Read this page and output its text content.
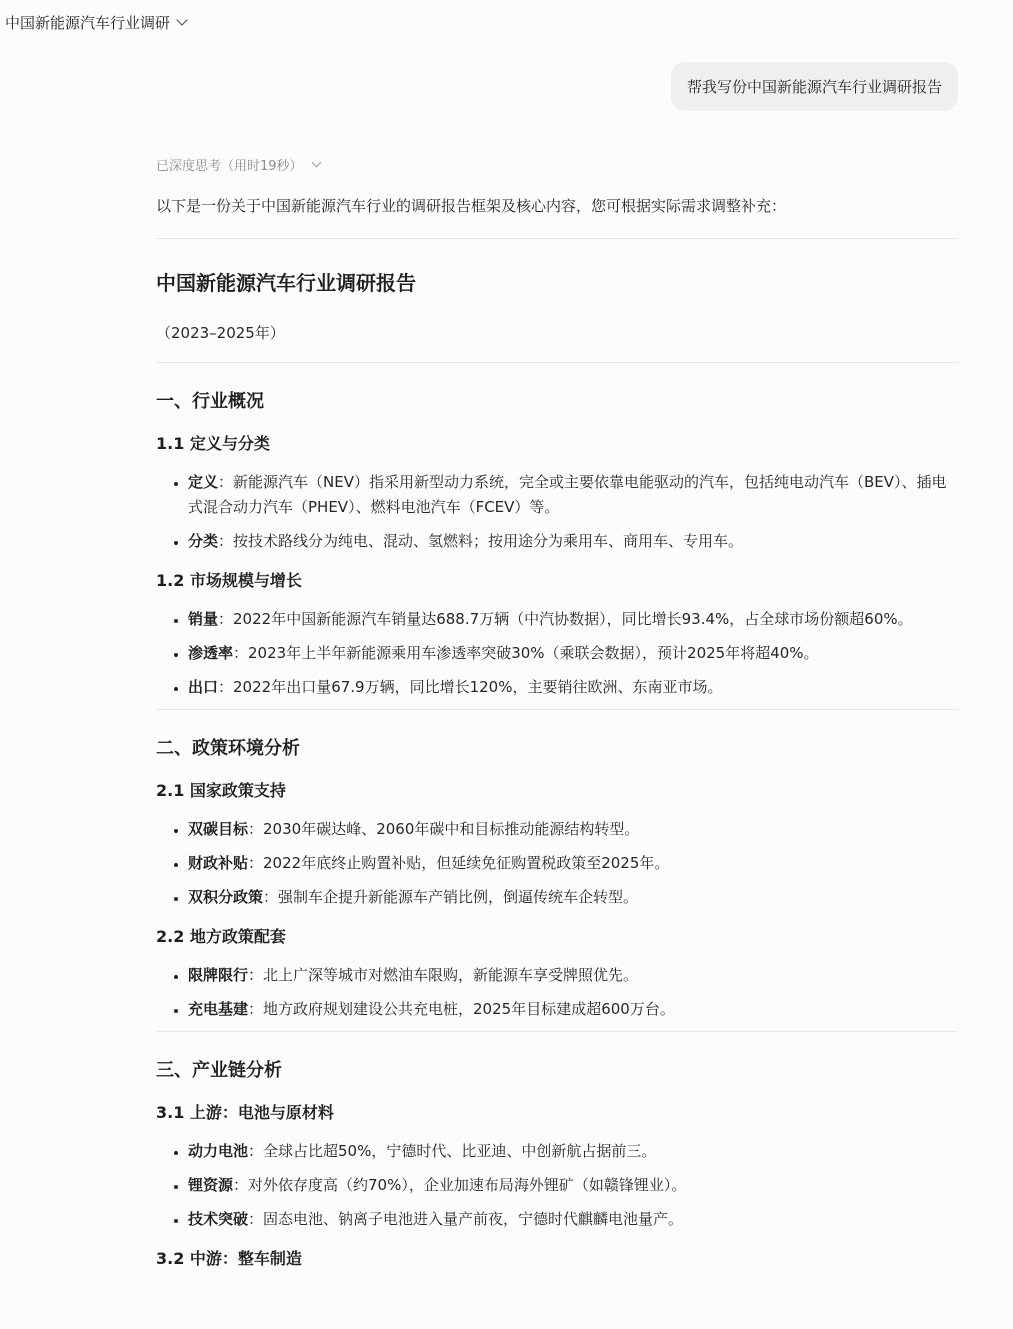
中国新能源汽车行业调研
帮我写份中国新能源汽车行业调研报告
已深度思考（用时19秒）

以下是一份关于中国新能源汽车行业的调研报告框架及核心内容，您可根据实际需求调整补充：

中国新能源汽车行业调研报告

（2023–2025年）

一、行业概况
1.1 定义与分类
• 定义：新能源汽车（NEV）指采用新型动力系统，完全或主要依靠电能驱动的汽车，包括纯电动汽车（BEV）、插电式混合动力汽车（PHEV）、燃料电池汽车（FCEV）等。
• 分类：按技术路线分为纯电、混动、氢燃料；按用途分为乘用车、商用车、专用车。
1.2 市场规模与增长
• 销量：2022年中国新能源汽车销量达688.7万辆（中汽协数据），同比增长93.4%，占全球市场份额超60%。
• 渗透率：2023年上半年新能源乘用车渗透率突破30%（乘联会数据），预计2025年将超40%。
• 出口：2022年出口量67.9万辆，同比增长120%，主要销往欧洲、东南亚市场。
二、政策环境分析
2.1 国家政策支持
• 双碳目标：2030年碳达峰、2060年碳中和目标推动能源结构转型。
• 财政补贴：2022年底终止购置补贴，但延续免征购置税政策至2025年。
• 双积分政策：强制车企提升新能源车产销比例，倒逼传统车企转型。
2.2 地方政策配套
• 限牌限行：北上广深等城市对燃油车限购，新能源车享受牌照优先。
• 充电基建：地方政府规划建设公共充电桩，2025年目标建成超600万台。
三、产业链分析
3.1 上游：电池与原材料
• 动力电池：全球占比超50%，宁德时代、比亚迪、中创新航占据前三。
• 锂资源：对外依存度高（约70%），企业加速布局海外锂矿（如赣锋锂业）。
• 技术突破：固态电池、钠离子电池进入量产前夜，宁德时代麒麟电池量产。
3.2 中游：整车制造
